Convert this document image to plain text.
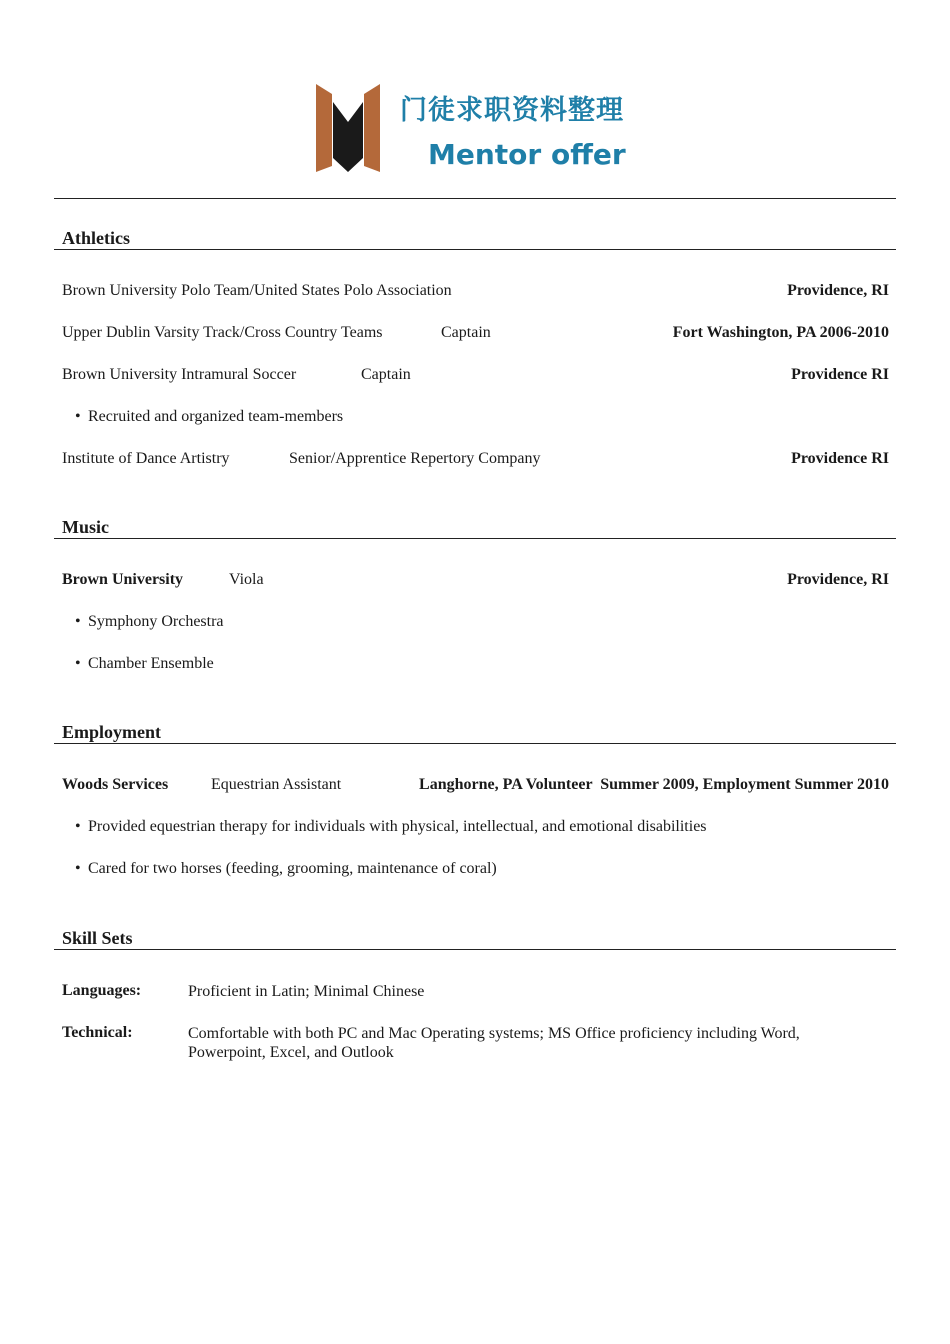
门徒求职资料整理
Mentor offer
Athletics
Brown University Polo Team/United States Polo Association	Providence, RI
Upper Dublin Varsity Track/Cross Country Teams	Captain	Fort Washington, PA 2006-2010
Brown University Intramural Soccer	Captain	Providence RI
• Recruited and organized team-members
Institute of Dance Artistry	Senior/Apprentice Repertory Company	Providence RI
Music
Brown University	Viola	Providence, RI
• Symphony Orchestra
• Chamber Ensemble
Employment
Woods Services	Equestrian Assistant	Langhorne, PA Volunteer  Summer 2009, Employment Summer 2010
• Provided equestrian therapy for individuals with physical, intellectual, and emotional disabilities
• Cared for two horses (feeding, grooming, maintenance of coral)
Skill Sets
Languages:	Proficient in Latin; Minimal Chinese
Technical:	Comfortable with both PC and Mac Operating systems; MS Office proficiency including Word, Powerpoint, Excel, and Outlook
